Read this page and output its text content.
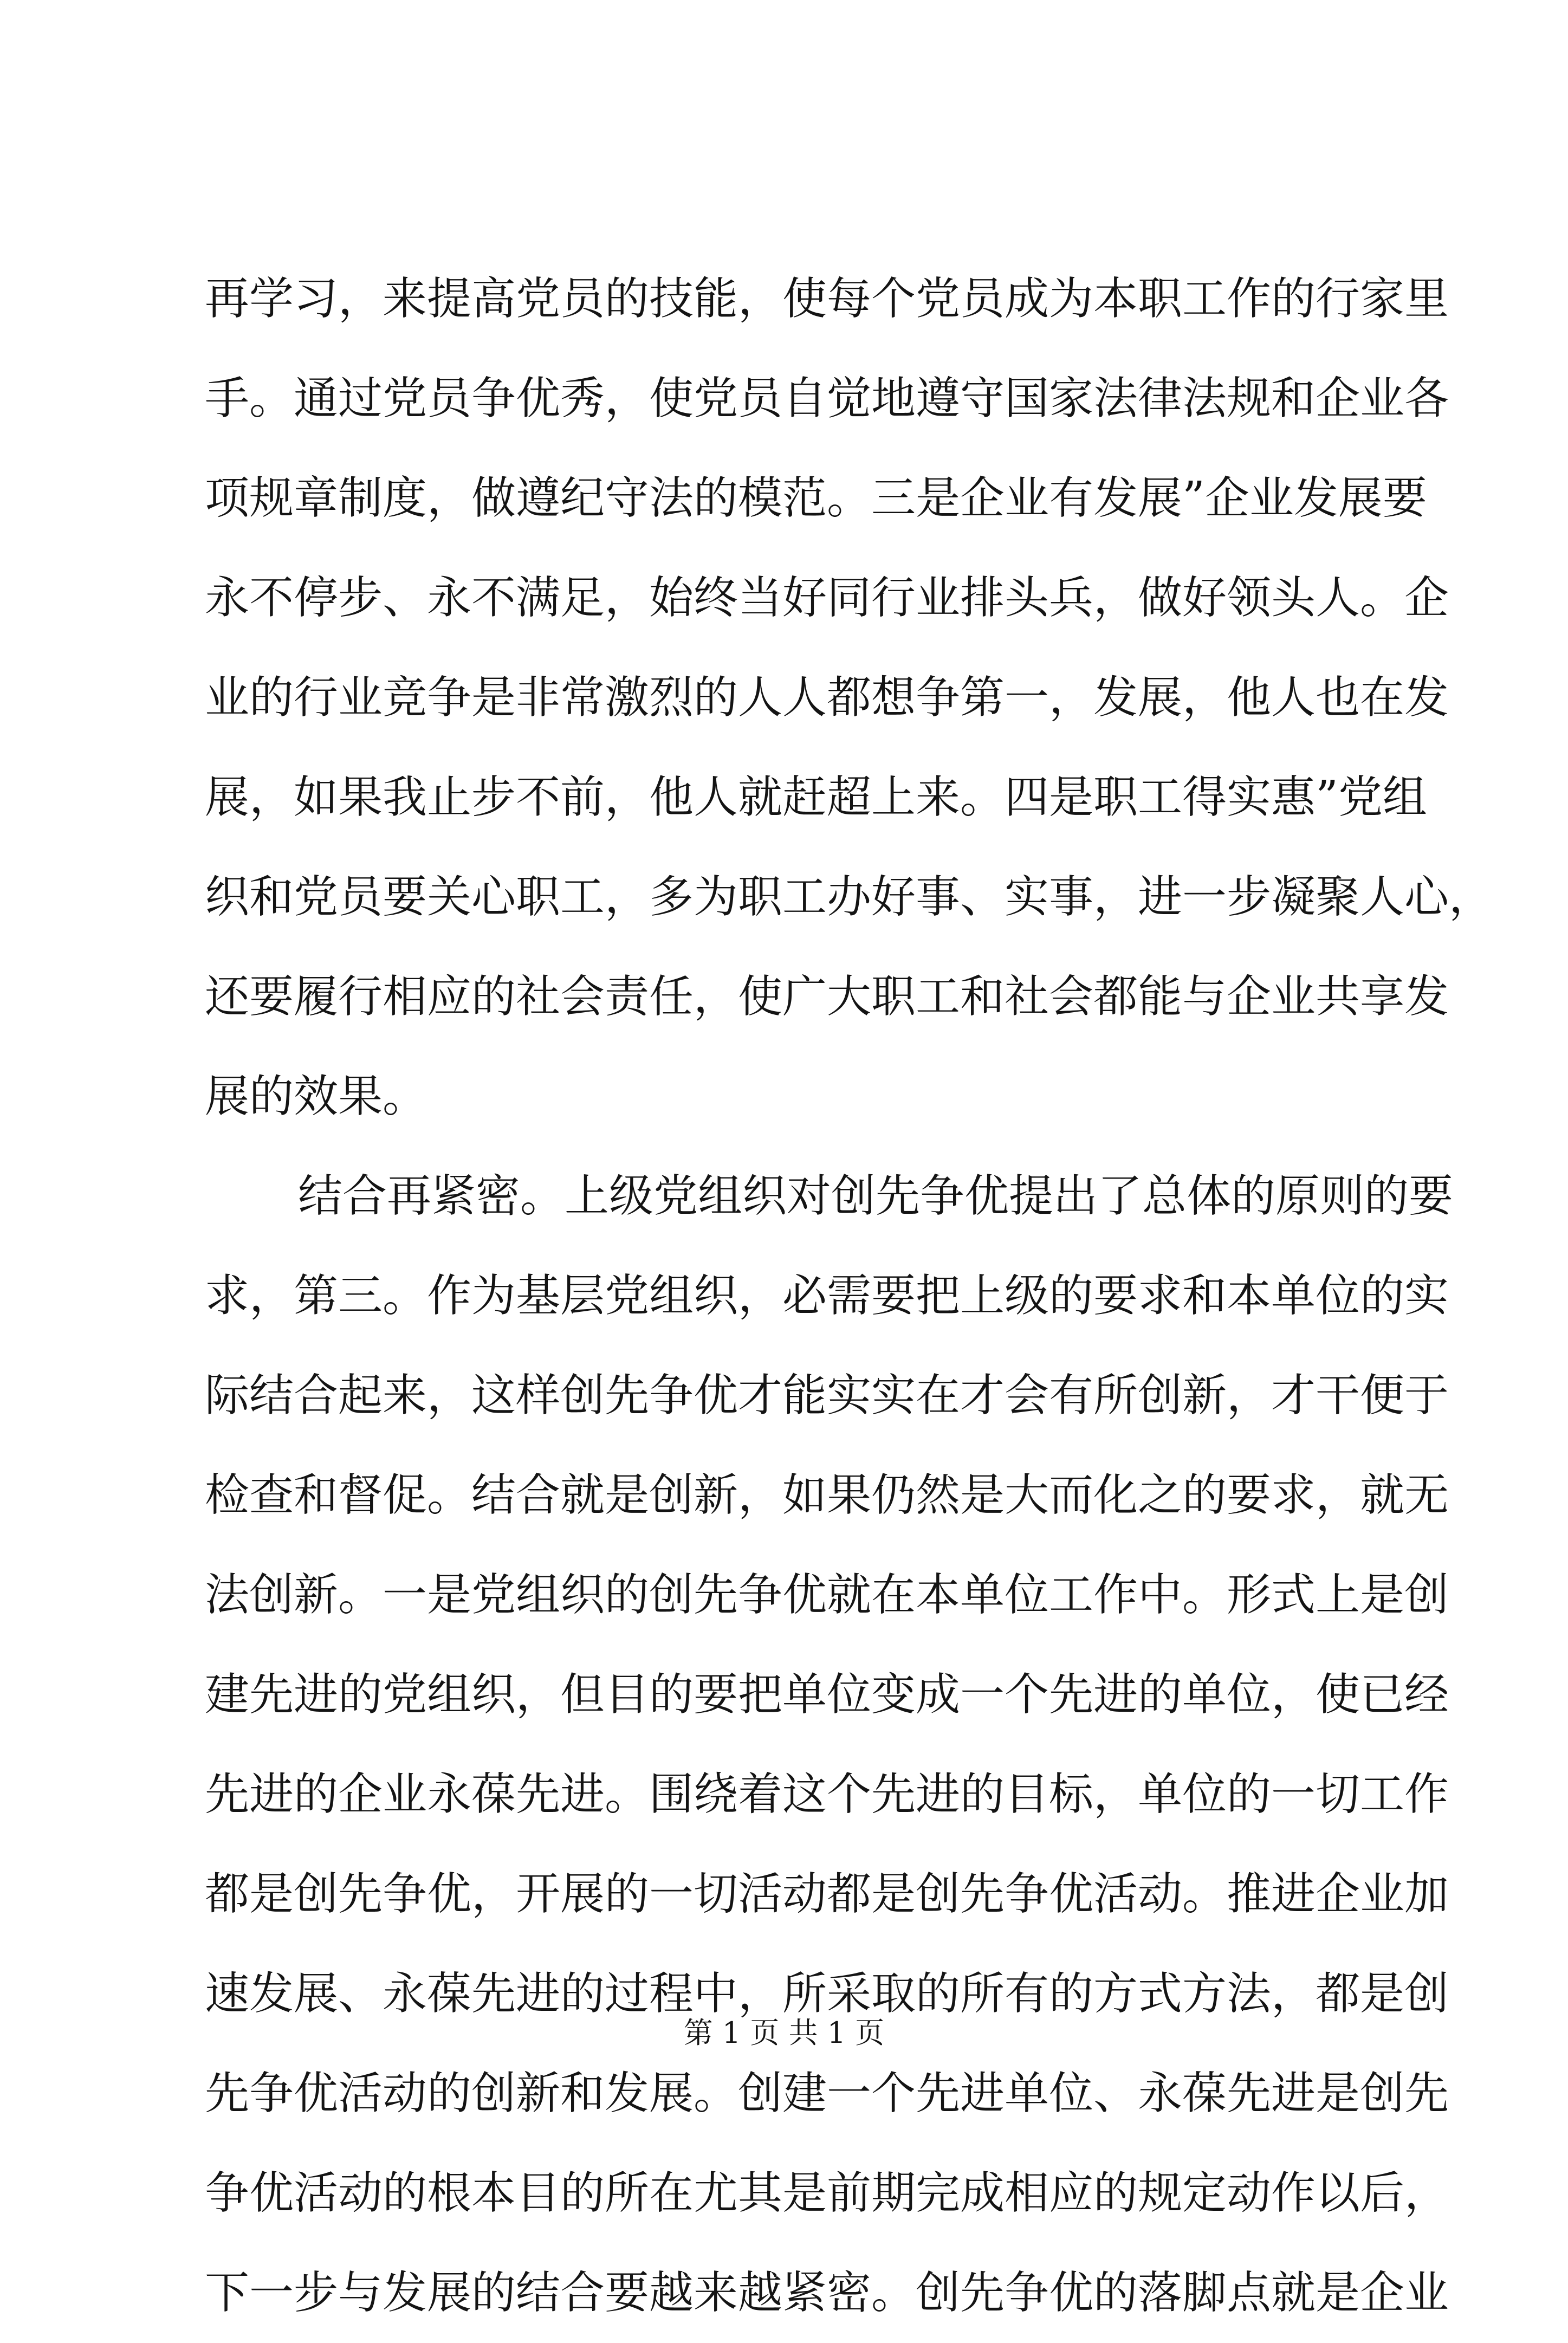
再学习，来提高党员的技能，使每个党员成为本职工作的行家里
手。通过党员争优秀，使党员自觉地遵守国家法律法规和企业各
项规章制度，做遵纪守法的模范。三是企业有发展”企业发展要
永不停步、永不满足，始终当好同行业排头兵，做好领头人。企
业的行业竞争是非常激烈的人人都想争第一，发展，他人也在发
展，如果我止步不前，他人就赶超上来。四是职工得实惠”党组
织和党员要关心职工，多为职工办好事、实事，进一步凝聚人心，
还要履行相应的社会责任，使广大职工和社会都能与企业共享发
展的效果。
结合再紧密。上级党组织对创先争优提出了总体的原则的要
求，第三。作为基层党组织，必需要把上级的要求和本单位的实
际结合起来，这样创先争优才能实实在才会有所创新，才干便于
检查和督促。结合就是创新，如果仍然是大而化之的要求，就无
法创新。一是党组织的创先争优就在本单位工作中。形式上是创
建先进的党组织，但目的要把单位变成一个先进的单位，使已经
先进的企业永葆先进。围绕着这个先进的目标，单位的一切工作
都是创先争优，开展的一切活动都是创先争优活动。推进企业加
速发展、永葆先进的过程中，所采取的所有的方式方法，都是创
先争优活动的创新和发展。创建一个先进单位、永葆先进是创先
争优活动的根本目的所在尤其是前期完成相应的规定动作以后，
下一步与发展的结合要越来越紧密。创先争优的落脚点就是企业
第 1 页 共 1 页
